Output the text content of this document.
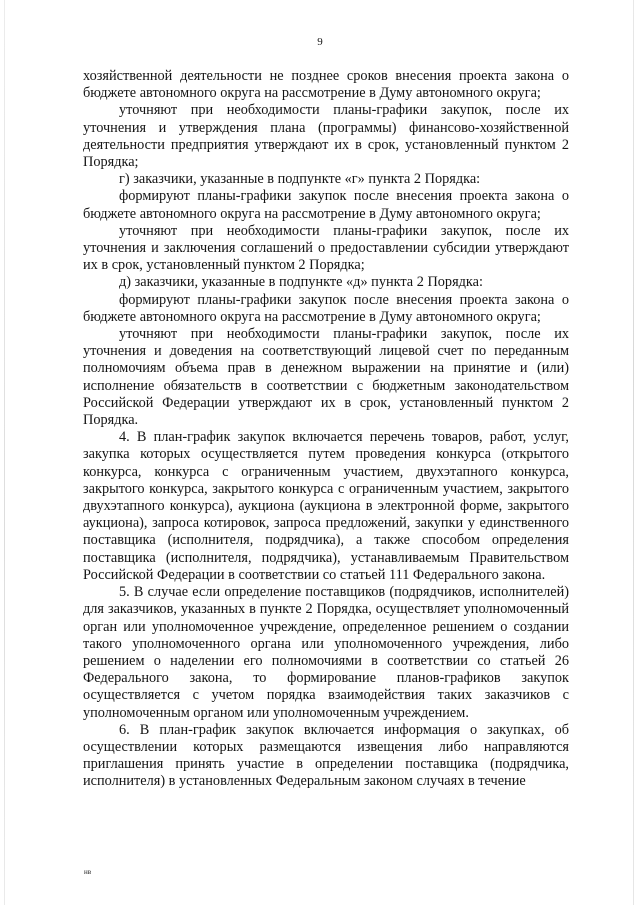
9

хозяйственной деятельности не позднее сроков внесения проекта закона о бюджете автономного округа на рассмотрение в Думу автономного округа;

уточняют при необходимости планы-графики закупок, после их уточнения и утверждения плана (программы) финансово-хозяйственной деятельности предприятия утверждают их в срок, установленный пунктом 2 Порядка;

г) заказчики, указанные в подпункте «г» пункта 2 Порядка:

формируют планы-графики закупок после внесения проекта закона о бюджете автономного округа на рассмотрение в Думу автономного округа;

уточняют при необходимости планы-графики закупок, после их уточнения и заключения соглашений о предоставлении субсидии утверждают их в срок, установленный пунктом 2 Порядка;

д) заказчики, указанные в подпункте «д» пункта 2 Порядка:

формируют планы-графики закупок после внесения проекта закона о бюджете автономного округа на рассмотрение в Думу автономного округа;

уточняют при необходимости планы-графики закупок, после их уточнения и доведения на соответствующий лицевой счет по переданным полномочиям объема прав в денежном выражении на принятие и (или) исполнение обязательств в соответствии с бюджетным законодательством Российской Федерации утверждают их в срок, установленный пунктом 2 Порядка.

4. В план-график закупок включается перечень товаров, работ, услуг, закупка которых осуществляется путем проведения конкурса (открытого конкурса, конкурса с ограниченным участием, двухэтапного конкурса, закрытого конкурса, закрытого конкурса с ограниченным участием, закрытого двухэтапного конкурса), аукциона (аукциона в электронной форме, закрытого аукциона), запроса котировок, запроса предложений, закупки у единственного поставщика (исполнителя, подрядчика), а также способом определения поставщика (исполнителя, подрядчика), устанавливаемым Правительством Российской Федерации в соответствии со статьей 111 Федерального закона.

5. В случае если определение поставщиков (подрядчиков, исполнителей) для заказчиков, указанных в пункте 2 Порядка, осуществляет уполномоченный орган или уполномоченное учреждение, определенное решением о создании такого уполномоченного органа или уполномоченного учреждения, либо решением о наделении его полномочиями в соответствии со статьей 26 Федерального закона, то формирование планов-графиков закупок осуществляется с учетом порядка взаимодействия таких заказчиков с уполномоченным органом или уполномоченным учреждением.

6. В план-график закупок включается информация о закупках, об осуществлении которых размещаются извещения либо направляются приглашения принять участие в определении поставщика (подрядчика, исполнителя) в установленных Федеральным законом случаях в течение

нв
